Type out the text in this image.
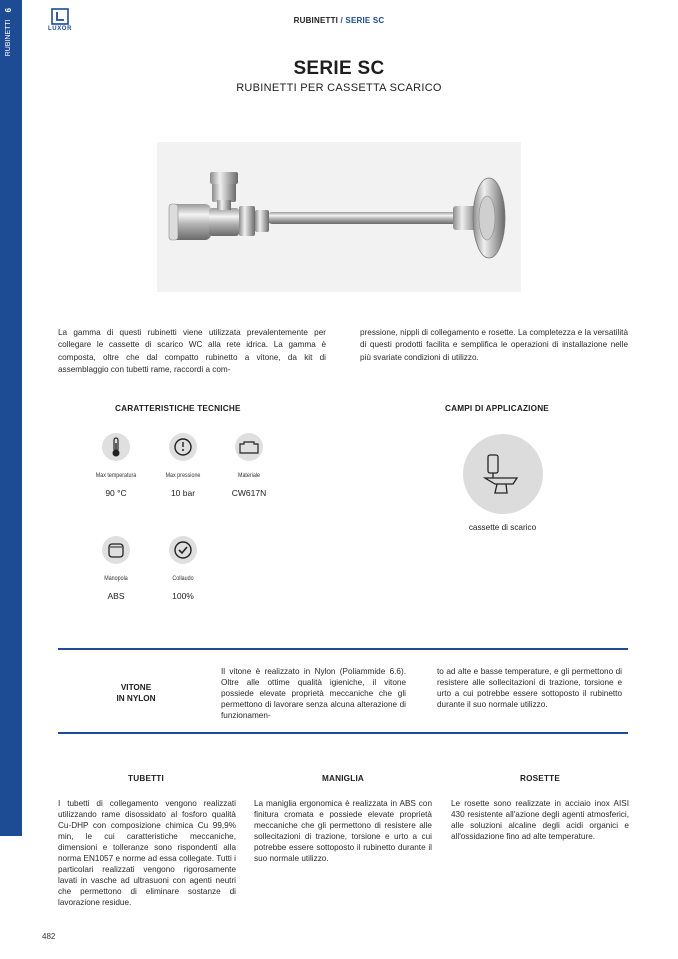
RUBINETTI 6
LUXOR
RUBINETTI / SERIE SC
SERIE SC
RUBINETTI PER CASSETTA SCARICO
La gamma di questi rubinetti viene utilizzata prevalentemente per collegare le cassette di scarico WC alla rete idrica. La gamma è composta, oltre che dal compatto rubinetto a vitone, da kit di assemblaggio con tubetti rame, raccordi a com-
pressione, nippli di collegamento e rosette. La completezza e la versatilità di questi prodotti facilita e semplifica le operazioni di installazione nelle più svariate condizioni di utilizzo.
CARATTERISTICHE TECNICHE
Max temperatura
90 °C
Max pressione
10 bar
Materiale
CW617N
Manopola
ABS
Collaudo
100%
CAMPI DI APPLICAZIONE
cassette di scarico
VITONE
IN NYLON
Il vitone è realizzato in Nylon (Poliammide 6.6). Oltre alle ottime qualità igieniche, il vitone possiede elevate proprietà meccaniche che gli permettono di lavorare senza alcuna alterazione di funzionamen-
to ad alte e basse temperature, e gli permettono di resistere alle sollecitazioni di trazione, torsione e urto a cui potrebbe essere sottoposto il rubinetto durante il suo normale utilizzo.
TUBETTI
I tubetti di collegamento vengono realizzati utilizzando rame disossidato al fosforo qualità Cu-DHP con composizione chimica Cu 99,9% min, le cui caratteristiche meccaniche, dimensioni e tolleranze sono rispondenti alla norma EN1057 e norme ad essa collegate. Tutti i particolari realizzati vengono rigorosamente lavati in vasche ad ultrasuoni con agenti neutri che permettono di eliminare sostanze di lavorazione residue.
MANIGLIA
La maniglia ergonomica è realizzata in ABS con finitura cromata e possiede elevate proprietà meccaniche che gli permettono di resistere alle sollecitazioni di trazione, torsione e urto a cui potrebbe essere sottoposto il rubinetto durante il suo normale utilizzo.
ROSETTE
Le rosette sono realizzate in acciaio inox AISI 430 resistente all'azione degli agenti atmosferici, alle soluzioni alcaline degli acidi organici e all'ossidazione fino ad alte temperature.
482
